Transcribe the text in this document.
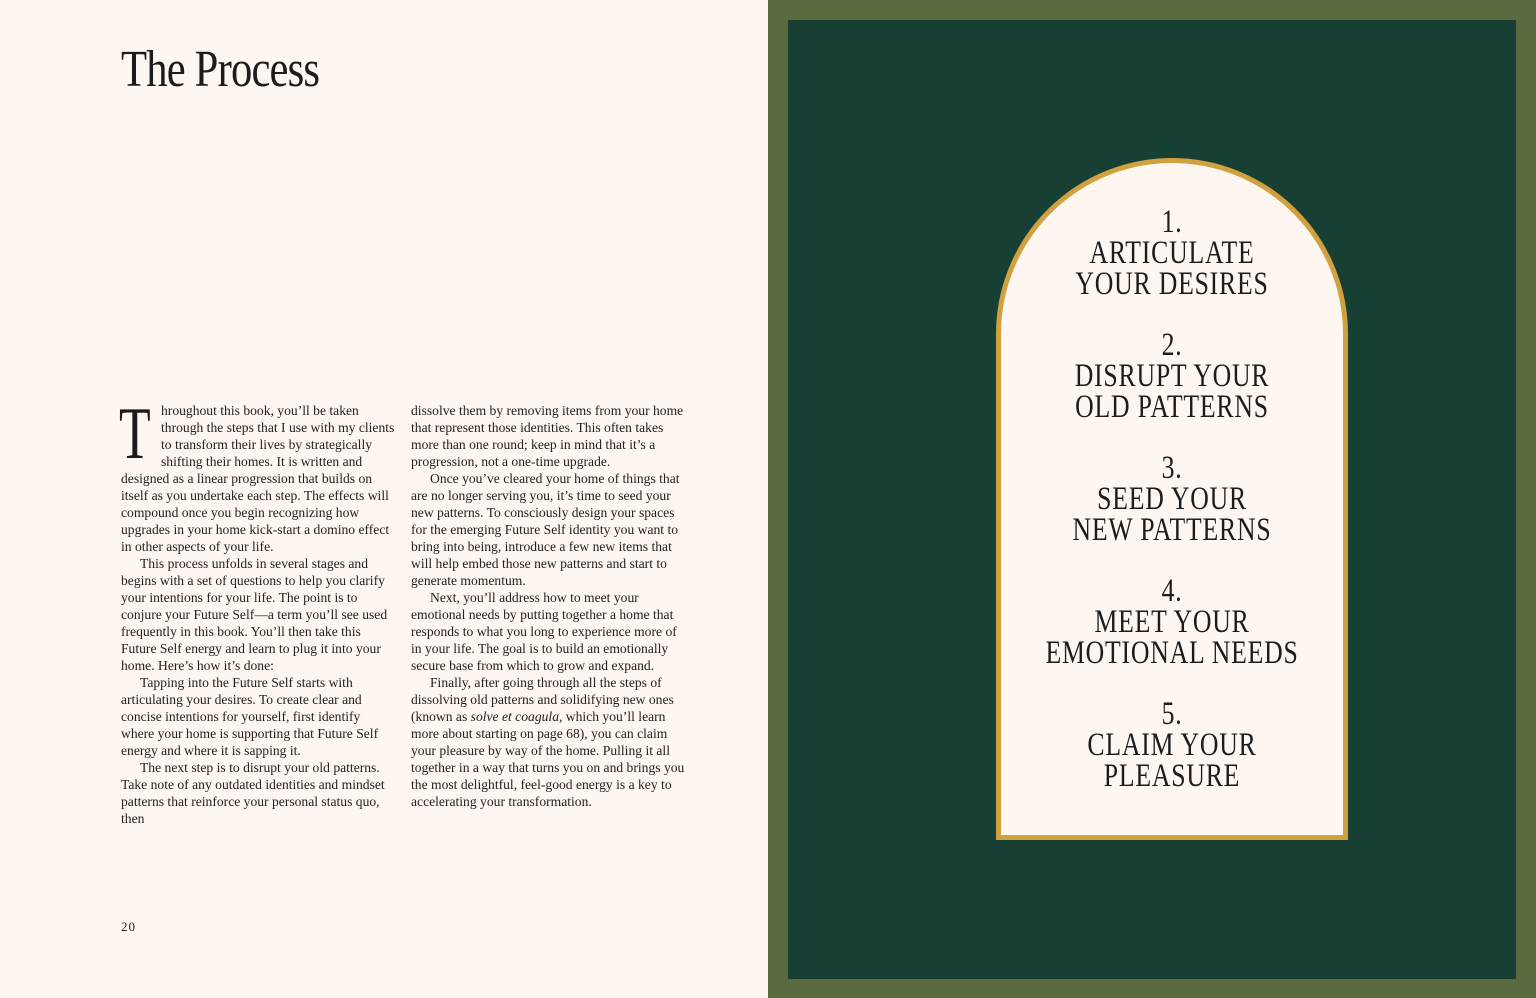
The Process

Throughout this book, you’ll be taken through the steps that I use with my clients to transform their lives by strategically shifting their homes. It is written and designed as a linear progression that builds on itself as you undertake each step. The effects will compound once you begin recognizing how upgrades in your home kick-start a domino effect in other aspects of your life.

This process unfolds in several stages and begins with a set of questions to help you clarify your intentions for your life. The point is to conjure your Future Self—a term you’ll see used frequently in this book. You’ll then take this Future Self energy and learn to plug it into your home. Here’s how it’s done:

Tapping into the Future Self starts with articulating your desires. To create clear and concise intentions for yourself, first identify where your home is supporting that Future Self energy and where it is sapping it.

The next step is to disrupt your old patterns. Take note of any outdated identities and mindset patterns that reinforce your personal status quo, then

dissolve them by removing items from your home that represent those identities. This often takes more than one round; keep in mind that it’s a progression, not a one-time upgrade.

Once you’ve cleared your home of things that are no longer serving you, it’s time to seed your new patterns. To consciously design your spaces for the emerging Future Self identity you want to bring into being, introduce a few new items that will help embed those new patterns and start to generate momentum.

Next, you’ll address how to meet your emotional needs by putting together a home that responds to what you long to experience more of in your life. The goal is to build an emotionally secure base from which to grow and expand.

Finally, after going through all the steps of dissolving old patterns and solidifying new ones (known as solve et coagula, which you’ll learn more about starting on page 68), you can claim your pleasure by way of the home. Pulling it all together in a way that turns you on and brings you the most delightful, feel-good energy is a key to accelerating your transformation.

20
1.
ARTICULATE
YOUR DESIRES
2.
DISRUPT YOUR
OLD PATTERNS
3.
SEED YOUR
NEW PATTERNS
4.
MEET YOUR
EMOTIONAL NEEDS
5.
CLAIM YOUR
PLEASURE
